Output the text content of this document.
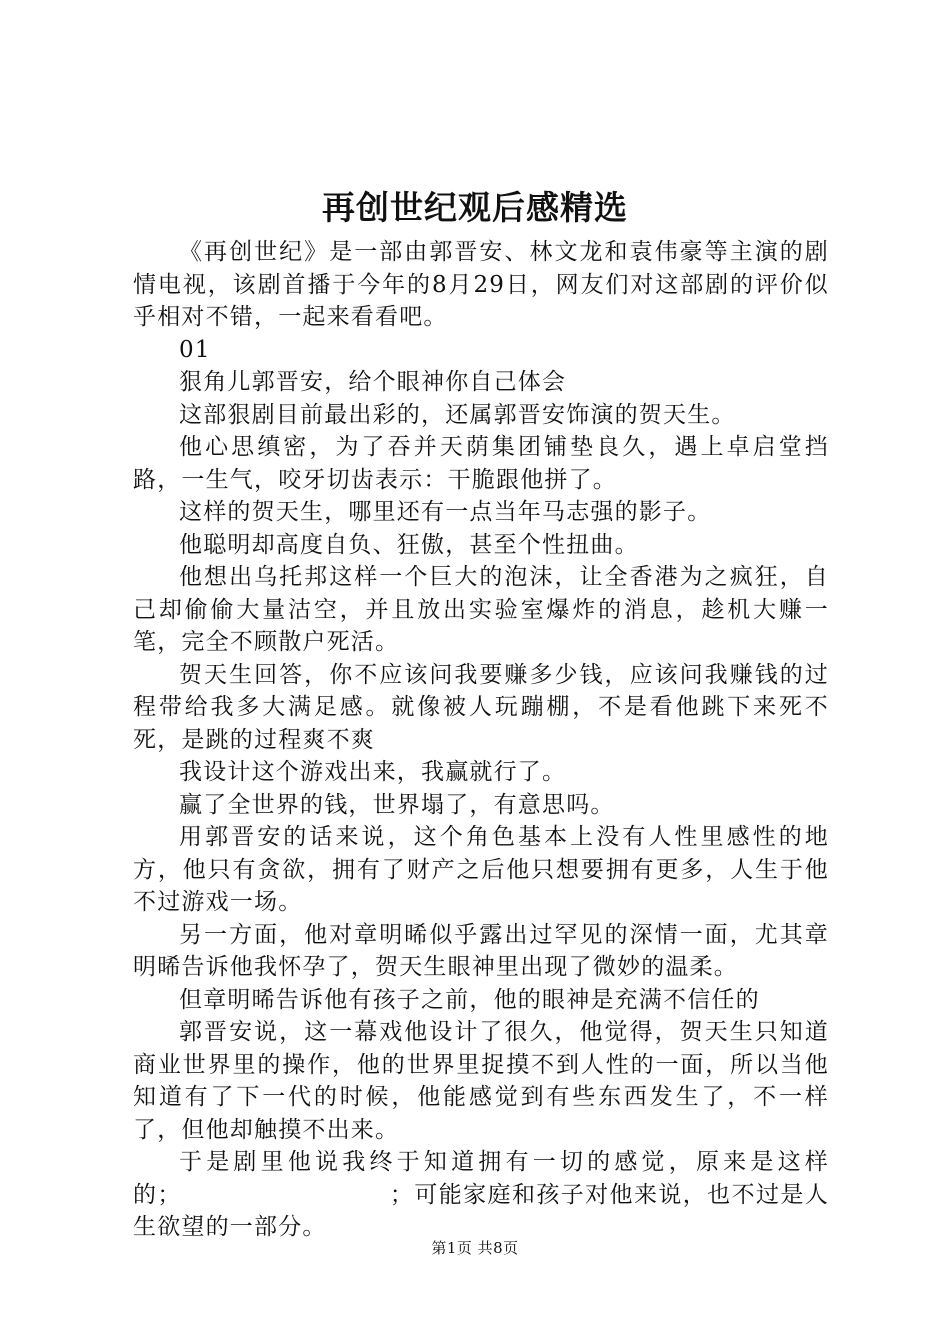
再创世纪观后感精选

《再创世纪》是一部由郭晋安、林文龙和袁伟豪等主演的剧情电视，该剧首播于今年的8月29日，网友们对这部剧的评价似乎相对不错，一起来看看吧。

01

狠角儿郭晋安，给个眼神你自己体会

这部狠剧目前最出彩的，还属郭晋安饰演的贺天生。

他心思缜密，为了吞并天荫集团铺垫良久，遇上卓启堂挡路，一生气，咬牙切齿表示：干脆跟他拼了。

这样的贺天生，哪里还有一点当年马志强的影子。

他聪明却高度自负、狂傲，甚至个性扭曲。

他想出乌托邦这样一个巨大的泡沫，让全香港为之疯狂，自己却偷偷大量沽空，并且放出实验室爆炸的消息，趁机大赚一笔，完全不顾散户死活。

贺天生回答，你不应该问我要赚多少钱，应该问我赚钱的过程带给我多大满足感。就像被人玩蹦棚，不是看他跳下来死不死，是跳的过程爽不爽

我设计这个游戏出来，我赢就行了。

赢了全世界的钱，世界塌了，有意思吗。

用郭晋安的话来说，这个角色基本上没有人性里感性的地方，他只有贪欲，拥有了财产之后他只想要拥有更多，人生于他不过游戏一场。

另一方面，他对章明晞似乎露出过罕见的深情一面，尤其章明晞告诉他我怀孕了，贺天生眼神里出现了微妙的温柔。

但章明晞告诉他有孩子之前，他的眼神是充满不信任的

郭晋安说，这一幕戏他设计了很久，他觉得，贺天生只知道商业世界里的操作，他的世界里捉摸不到人性的一面，所以当他知道有了下一代的时候，他能感觉到有些东西发生了，不一样了，但他却触摸不出来。

于是剧里他说我终于知道拥有一切的感觉，原来是这样的；　　　　　　　　　；可能家庭和孩子对他来说，也不过是人生欲望的一部分。

第1页 共8页
